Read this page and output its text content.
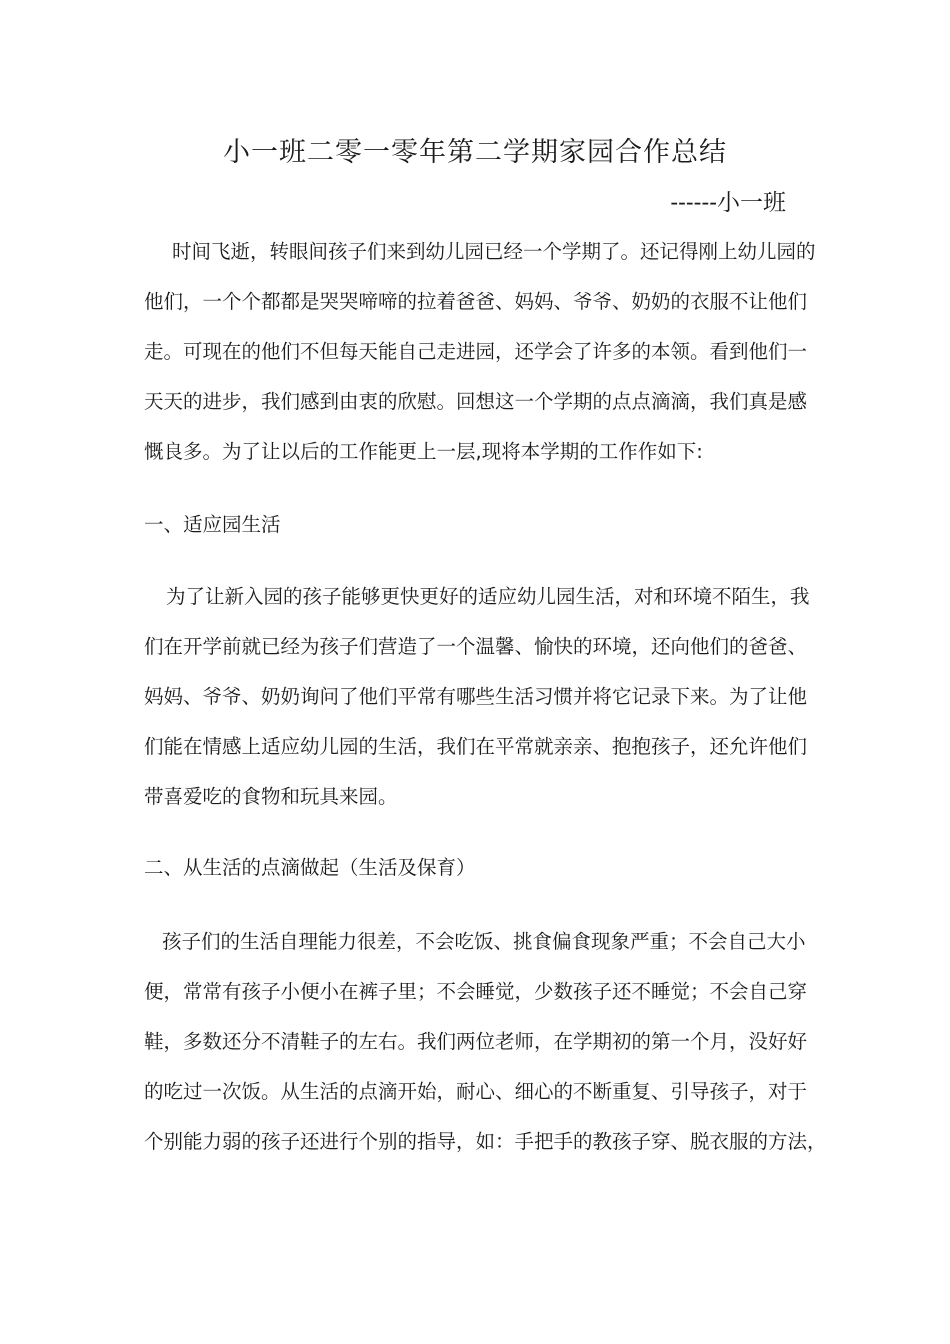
小一班二零一零年第二学期家园合作总结
------小一班

时间飞逝，转眼间孩子们来到幼儿园已经一个学期了。还记得刚上幼儿园的

他们，一个个都都是哭哭啼啼的拉着爸爸、妈妈、爷爷、奶奶的衣服不让他们

走。可现在的他们不但每天能自己走进园，还学会了许多的本领。看到他们一

天天的进步，我们感到由衷的欣慰。回想这一个学期的点点滴滴，我们真是感

慨良多。为了让以后的工作能更上一层,现将本学期的工作作如下:

一、适应园生活

为了让新入园的孩子能够更快更好的适应幼儿园生活，对和环境不陌生，我

们在开学前就已经为孩子们营造了一个温馨、愉快的环境，还向他们的爸爸、

妈妈、爷爷、奶奶询问了他们平常有哪些生活习惯并将它记录下来。为了让他

们能在情感上适应幼儿园的生活，我们在平常就亲亲、抱抱孩子，还允许他们

带喜爱吃的食物和玩具来园。

二、从生活的点滴做起（生活及保育）

孩子们的生活自理能力很差，不会吃饭、挑食偏食现象严重；不会自己大小

便，常常有孩子小便小在裤子里；不会睡觉，少数孩子还不睡觉；不会自己穿

鞋，多数还分不清鞋子的左右。我们两位老师，在学期初的第一个月，没好好

的吃过一次饭。从生活的点滴开始，耐心、细心的不断重复、引导孩子，对于

个别能力弱的孩子还进行个别的指导，如：手把手的教孩子穿、脱衣服的方法，
